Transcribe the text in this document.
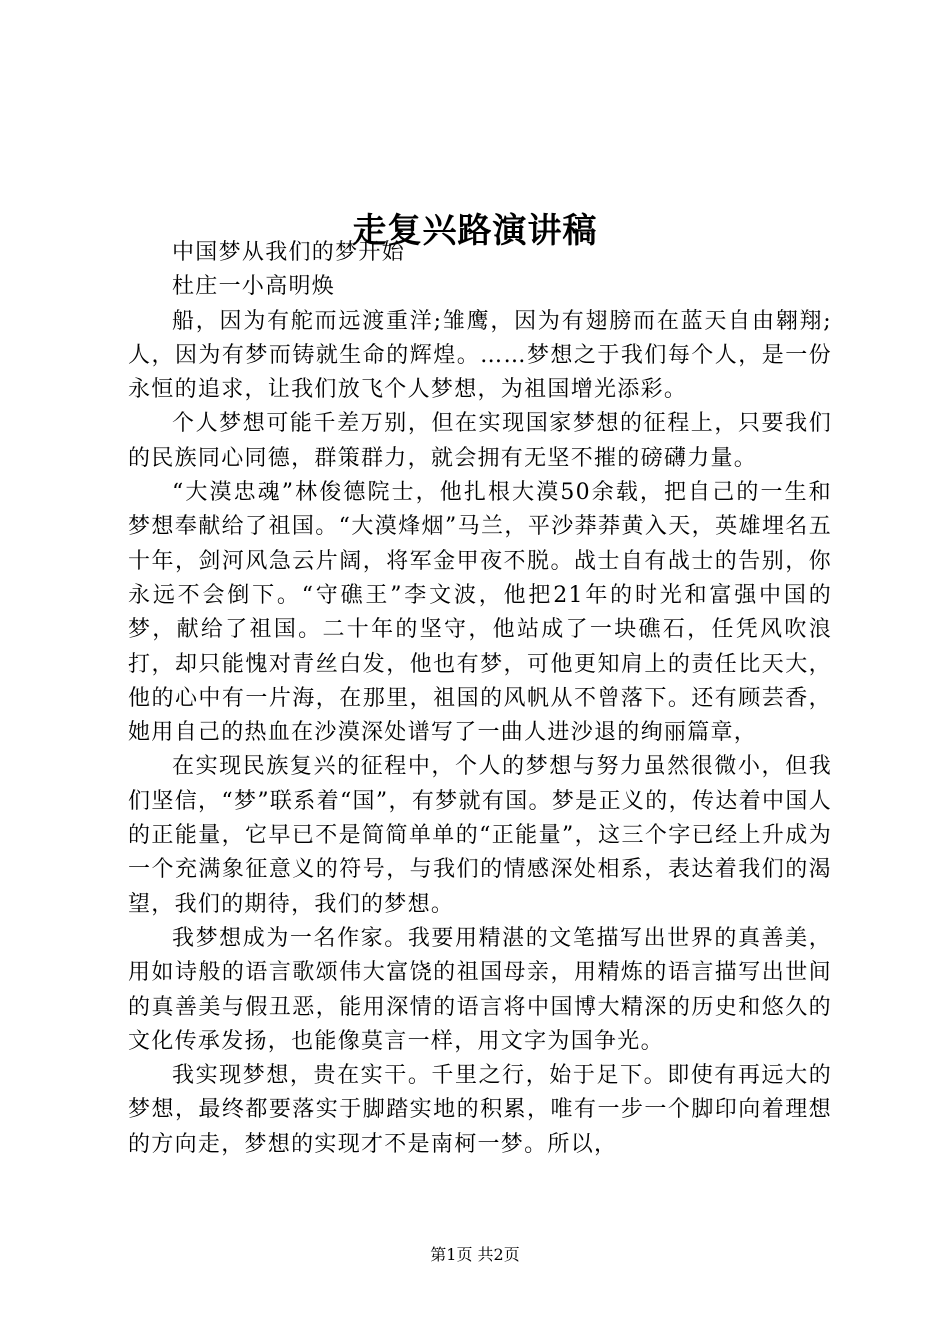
走复兴路演讲稿

中国梦从我们的梦开始

杜庄一小高明焕

船，因为有舵而远渡重洋;雏鹰，因为有翅膀而在蓝天自由翱翔;人，因为有梦而铸就生命的辉煌。……梦想之于我们每个人，是一份永恒的追求，让我们放飞个人梦想，为祖国增光添彩。

个人梦想可能千差万别，但在实现国家梦想的征程上，只要我们的民族同心同德，群策群力，就会拥有无坚不摧的磅礴力量。

“大漠忠魂”林俊德院士，他扎根大漠50余载，把自己的一生和梦想奉献给了祖国。“大漠烽烟”马兰，平沙莽莽黄入天，英雄埋名五十年，剑河风急云片阔，将军金甲夜不脱。战士自有战士的告别，你永远不会倒下。“守礁王”李文波，他把21年的时光和富强中国的梦，献给了祖国。二十年的坚守，他站成了一块礁石，任凭风吹浪打，却只能愧对青丝白发，他也有梦，可他更知肩上的责任比天大，他的心中有一片海，在那里，祖国的风帆从不曾落下。还有顾芸香，她用自己的热血在沙漠深处谱写了一曲人进沙退的绚丽篇章，

在实现民族复兴的征程中，个人的梦想与努力虽然很微小，但我们坚信，“梦”联系着“国”，有梦就有国。梦是正义的，传达着中国人的正能量，它早已不是简简单单的“正能量”，这三个字已经上升成为一个充满象征意义的符号，与我们的情感深处相系，表达着我们的渴望，我们的期待，我们的梦想。

我梦想成为一名作家。我要用精湛的文笔描写出世界的真善美，用如诗般的语言歌颂伟大富饶的祖国母亲，用精炼的语言描写出世间的真善美与假丑恶，能用深情的语言将中国博大精深的历史和悠久的文化传承发扬，也能像莫言一样，用文字为国争光。

我实现梦想，贵在实干。千里之行，始于足下。即使有再远大的梦想，最终都要落实于脚踏实地的积累，唯有一步一个脚印向着理想的方向走，梦想的实现才不是南柯一梦。所以，

第1页 共2页
